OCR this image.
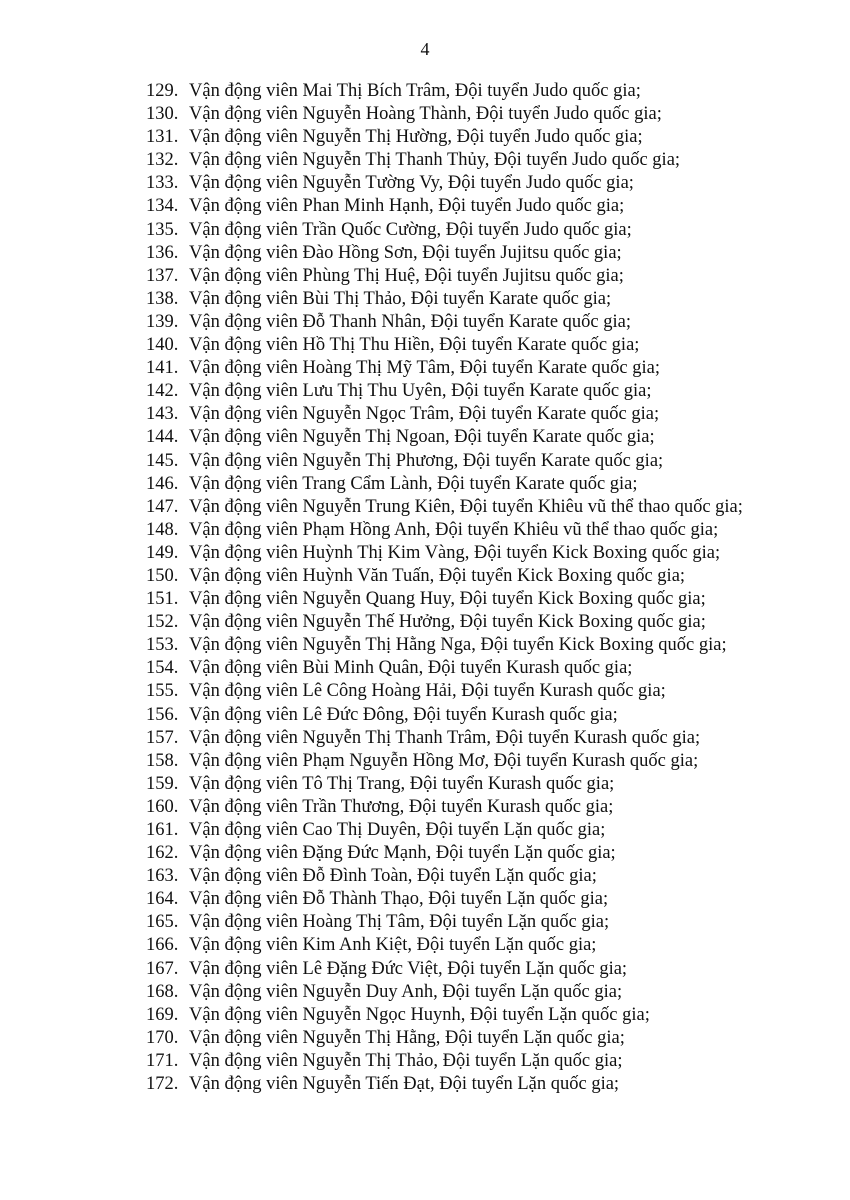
4
129. Vận động viên Mai Thị Bích Trâm, Đội tuyển Judo quốc gia;
130. Vận động viên Nguyễn Hoàng Thành, Đội tuyển Judo quốc gia;
131. Vận động viên Nguyễn Thị Hường, Đội tuyển Judo quốc gia;
132. Vận động viên Nguyễn Thị Thanh Thủy, Đội tuyển Judo quốc gia;
133. Vận động viên Nguyễn Tường Vy, Đội tuyển Judo quốc gia;
134. Vận động viên Phan Minh Hạnh, Đội tuyển Judo quốc gia;
135. Vận động viên Trần Quốc Cường, Đội tuyển Judo quốc gia;
136. Vận động viên Đào Hồng Sơn, Đội tuyển Jujitsu quốc gia;
137. Vận động viên Phùng Thị Huệ, Đội tuyển Jujitsu quốc gia;
138. Vận động viên Bùi Thị Thảo, Đội tuyển Karate quốc gia;
139. Vận động viên Đỗ Thanh Nhân, Đội tuyển Karate quốc gia;
140. Vận động viên Hồ Thị Thu Hiền, Đội tuyển Karate quốc gia;
141. Vận động viên Hoàng Thị Mỹ Tâm, Đội tuyển Karate quốc gia;
142. Vận động viên Lưu Thị Thu Uyên, Đội tuyển Karate quốc gia;
143. Vận động viên Nguyễn Ngọc Trâm, Đội tuyển Karate quốc gia;
144. Vận động viên Nguyễn Thị Ngoan, Đội tuyển Karate quốc gia;
145. Vận động viên Nguyễn Thị Phương, Đội tuyển Karate quốc gia;
146. Vận động viên Trang Cẩm Lành, Đội tuyển Karate quốc gia;
147. Vận động viên Nguyễn Trung Kiên, Đội tuyển Khiêu vũ thể thao quốc gia;
148. Vận động viên Phạm Hồng Anh, Đội tuyển Khiêu vũ thể thao quốc gia;
149. Vận động viên Huỳnh Thị Kim Vàng, Đội tuyển Kick Boxing quốc gia;
150. Vận động viên Huỳnh Văn Tuấn, Đội tuyển Kick Boxing quốc gia;
151. Vận động viên Nguyễn Quang Huy, Đội tuyển Kick Boxing quốc gia;
152. Vận động viên Nguyễn Thế Hưởng, Đội tuyển Kick Boxing quốc gia;
153. Vận động viên Nguyễn Thị Hằng Nga, Đội tuyển Kick Boxing quốc gia;
154. Vận động viên Bùi Minh Quân, Đội tuyển Kurash quốc gia;
155. Vận động viên Lê Công Hoàng Hải, Đội tuyển Kurash quốc gia;
156. Vận động viên Lê Đức Đông, Đội tuyển Kurash quốc gia;
157. Vận động viên Nguyễn Thị Thanh Trâm, Đội tuyển Kurash quốc gia;
158. Vận động viên Phạm Nguyễn Hồng Mơ, Đội tuyển Kurash quốc gia;
159. Vận động viên Tô Thị Trang, Đội tuyển Kurash quốc gia;
160. Vận động viên Trần Thương, Đội tuyển Kurash quốc gia;
161. Vận động viên Cao Thị Duyên, Đội tuyển Lặn quốc gia;
162. Vận động viên Đặng Đức Mạnh, Đội tuyển Lặn quốc gia;
163. Vận động viên Đỗ Đình Toàn, Đội tuyển Lặn quốc gia;
164. Vận động viên Đỗ Thành Thạo, Đội tuyển Lặn quốc gia;
165. Vận động viên Hoàng Thị Tâm, Đội tuyển Lặn quốc gia;
166. Vận động viên Kim Anh Kiệt, Đội tuyển Lặn quốc gia;
167. Vận động viên Lê Đặng Đức Việt, Đội tuyển Lặn quốc gia;
168. Vận động viên Nguyễn Duy Anh, Đội tuyển Lặn quốc gia;
169. Vận động viên Nguyễn Ngọc Huynh, Đội tuyển Lặn quốc gia;
170. Vận động viên Nguyễn Thị Hằng, Đội tuyển Lặn quốc gia;
171. Vận động viên Nguyễn Thị Thảo, Đội tuyển Lặn quốc gia;
172. Vận động viên Nguyễn Tiến Đạt, Đội tuyển Lặn quốc gia;
